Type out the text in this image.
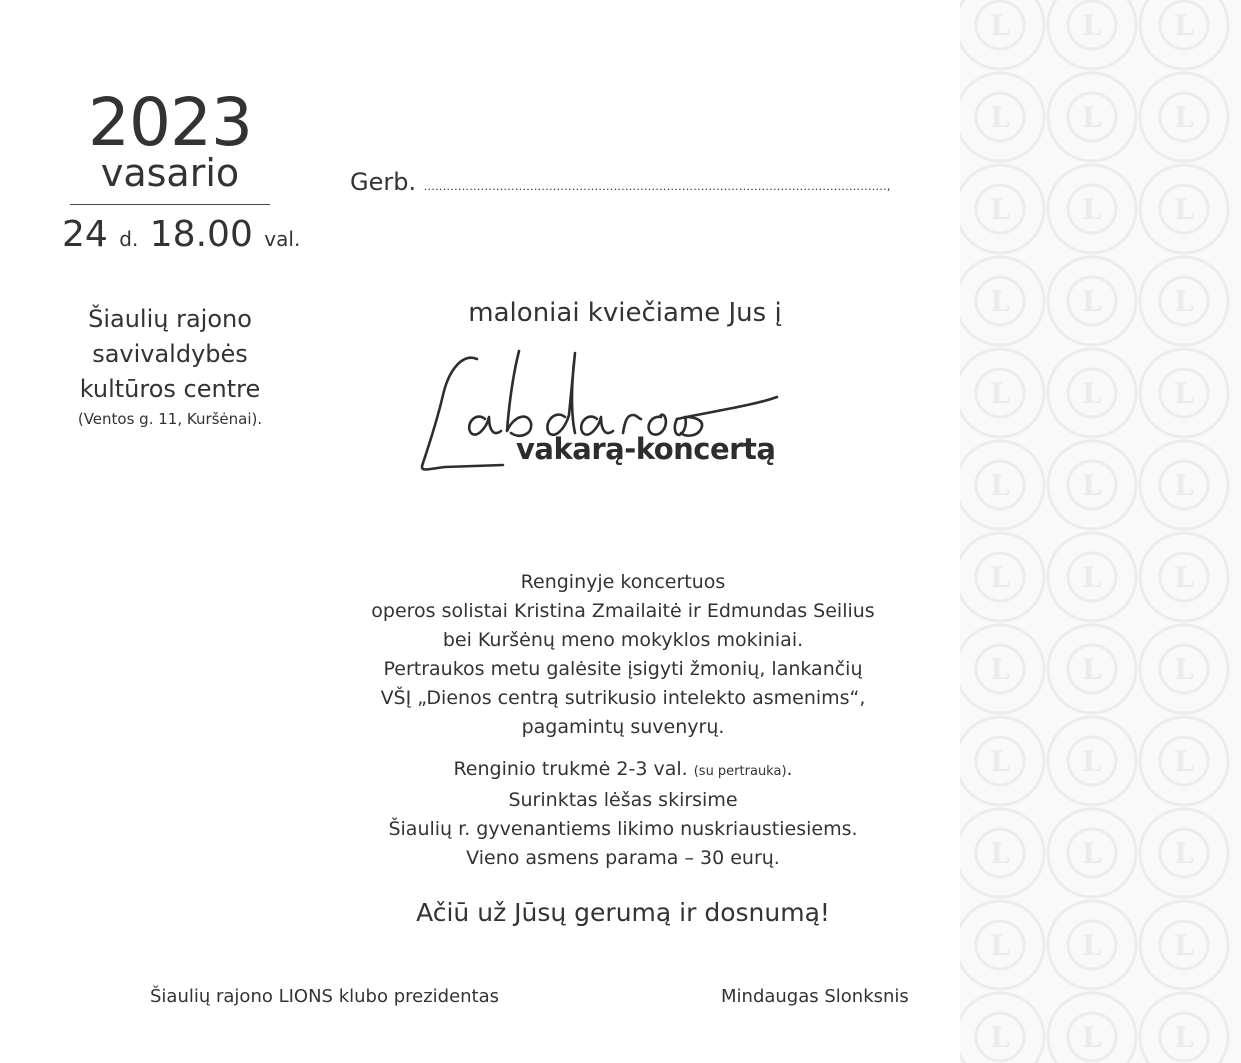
L	L	L
L	L	L
L	L	L
L	L	L
L	L	L
L	L	L
L	L	L
L	L	L
L	L	L
L	L	L
L	L	L
L	L	L
2023
vasario
24 d. 18.00 val.
Šiaulių rajono
savivaldybės
kultūros centre
(Ventos g. 11, Kuršėnai).
Gerb. ..........................................................................................................................,
maloniai kviečiame Jus į
vakarą-koncertą
Renginyje koncertuos
operos solistai Kristina Zmailaitė ir Edmundas Seilius
bei Kuršėnų meno mokyklos mokiniai.
Pertraukos metu galėsite įsigyti žmonių, lankančių
VŠĮ „Dienos centrą sutrikusio intelekto asmenims“,
pagamintų suvenyrų.
Renginio trukmė 2-3 val. (su pertrauka).
Surinktas lėšas skirsime
Šiaulių r. gyvenantiems likimo nuskriaustiesiems.
Vieno asmens parama – 30 eurų.
Ačiū už Jūsų gerumą ir dosnumą!
Šiaulių rajono LIONS klubo prezidentas	Mindaugas Slonksnis
